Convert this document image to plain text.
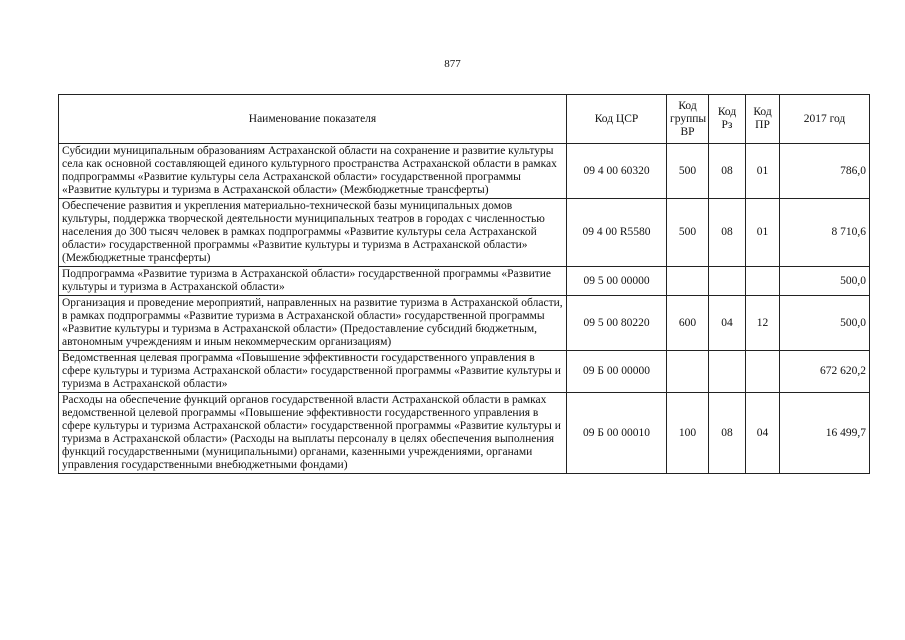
877
Наименование показателя	Код ЦСР	Код группы ВР	Код Рз	Код ПР	2017 год
Субсидии муниципальным образованиям Астраханской области на сохранение и развитие культуры села как основной составляющей единого культурного пространства Астраханской области в рамках подпрограммы «Развитие культуры села Астраханской области» государственной программы «Развитие культуры и туризма в Астраханской области» (Межбюджетные трансферты)	09 4 00 60320	500	08	01	786,0
Обеспечение развития и укрепления материально-технической базы муниципальных домов культуры, поддержка творческой деятельности муниципальных театров в городах с численностью населения до 300 тысяч человек в рамках подпрограммы «Развитие культуры села Астраханской области» государственной программы «Развитие культуры и туризма в Астраханской области» (Межбюджетные трансферты)	09 4 00 R5580	500	08	01	8 710,6
Подпрограмма «Развитие туризма в Астраханской области» государственной программы «Развитие культуры и туризма в Астраханской области»	09 5 00 00000				500,0
Организация и проведение мероприятий, направленных на развитие туризма в Астраханской области, в рамках подпрограммы «Развитие туризма в Астраханской области» государственной программы «Развитие культуры и туризма в Астраханской области» (Предоставление субсидий бюджетным, автономным учреждениям и иным некоммерческим организациям)	09 5 00 80220	600	04	12	500,0
Ведомственная целевая программа «Повышение эффективности государственного управления в сфере культуры и туризма Астраханской области» государственной программы «Развитие культуры и туризма в Астраханской области»	09 Б 00 00000				672 620,2
Расходы на обеспечение функций органов государственной власти Астраханской области в рамках ведомственной целевой программы «Повышение эффективности государственного управления в сфере культуры и туризма Астраханской области» государственной программы «Развитие культуры и туризма в Астраханской области» (Расходы на выплаты персоналу в целях обеспечения выполнения функций государственными (муниципальными) органами, казенными учреждениями, органами управления государственными внебюджетными фондами)	09 Б 00 00010	100	08	04	16 499,7
